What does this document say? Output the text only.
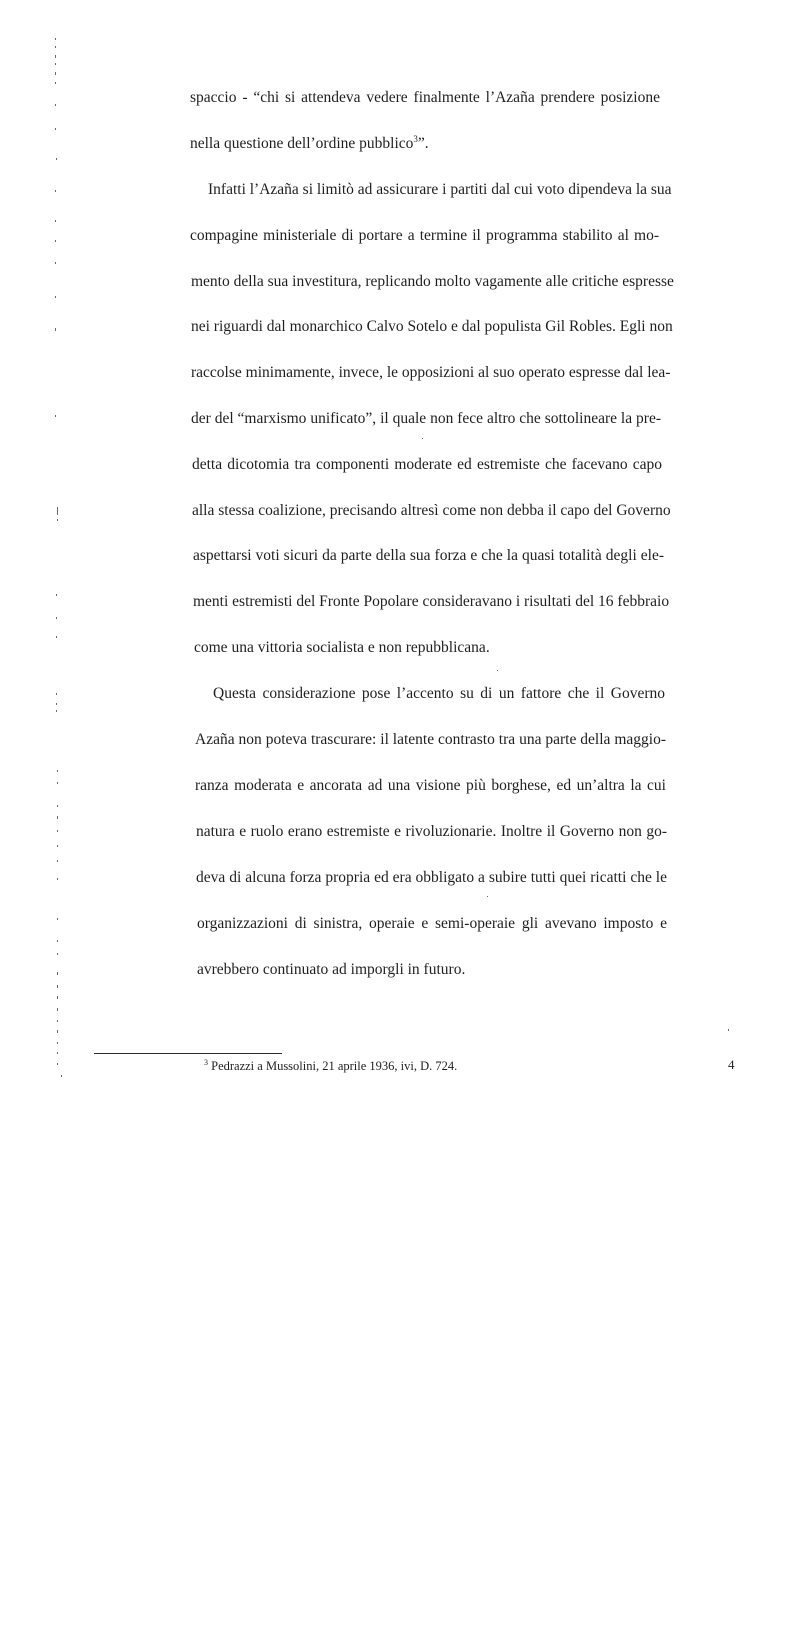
spaccio - “chi si attendeva vedere finalmente l’Azaña prendere posizione
nella questione dell’ordine pubblico$^3$”.
Infatti l’Azaña si limitò ad assicurare i partiti dal cui voto dipendeva la sua
compagine ministeriale di portare a termine il programma stabilito al mo-
mento della sua investitura, replicando molto vagamente alle critiche espresse
nei riguardi dal monarchico Calvo Sotelo e dal populista Gil Robles. Egli non
raccolse minimamente, invece, le opposizioni al suo operato espresse dal lea-
der del “marxismo unificato”, il quale non fece altro che sottolineare la pre-
detta dicotomia tra componenti moderate ed estremiste che facevano capo
alla stessa coalizione, precisando altresì come non debba il capo del Governo
aspettarsi voti sicuri da parte della sua forza e che la quasi totalità degli ele-
menti estremisti del Fronte Popolare consideravano i risultati del 16 febbraio
come una vittoria socialista e non repubblicana.
Questa considerazione pose l’accento su di un fattore che il Governo
Azaña non poteva trascurare: il latente contrasto tra una parte della maggio-
ranza moderata e ancorata ad una visione più borghese, ed un’altra la cui
natura e ruolo erano estremiste e rivoluzionarie. Inoltre il Governo non go-
deva di alcuna forza propria ed era obbligato a subire tutti quei ricatti che le
organizzazioni di sinistra, operaie e semi-operaie gli avevano imposto e
avrebbero continuato ad imporgli in futuro.
$^3$ Pedrazzi a Mussolini, 21 aprile 1936, ivi, D. 724.	4
